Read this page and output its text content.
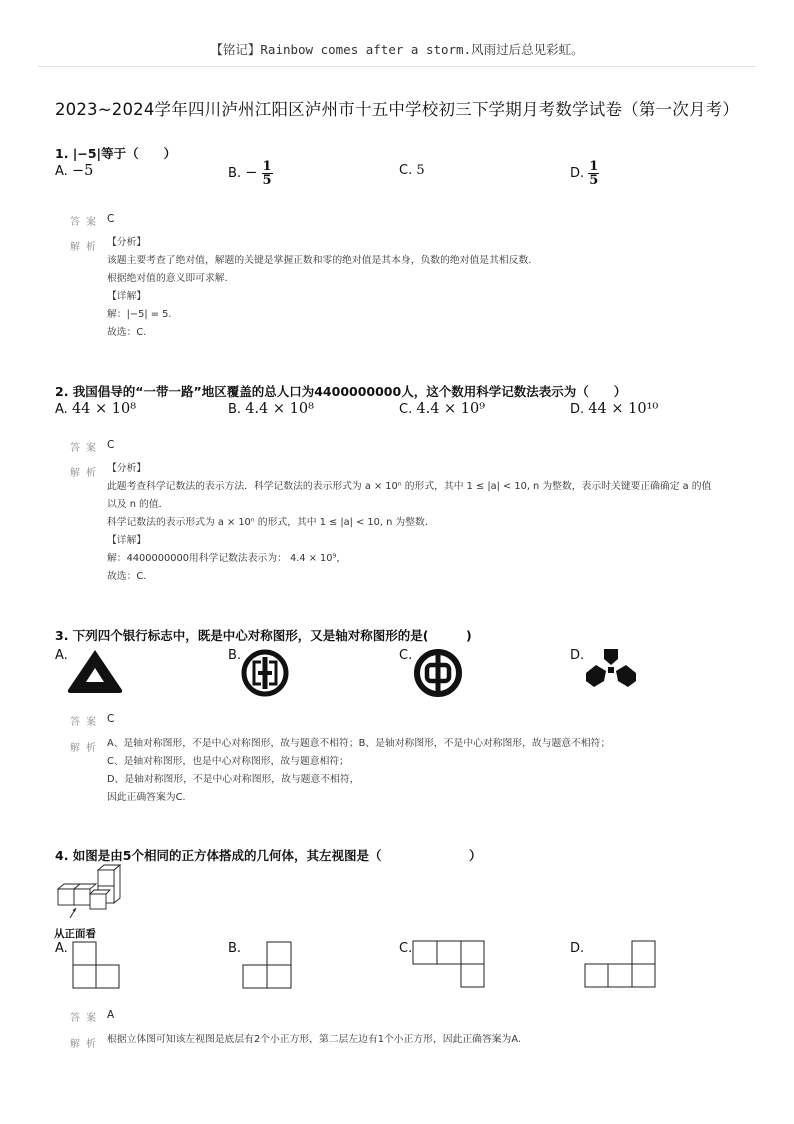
【铭记】Rainbow comes after a storm.风雨过后总见彩虹。
2023~2024学年四川泸州江阳区泸州市十五中学校初三下学期月考数学试卷（第一次月考）
1. |−5|等于（　　）
A. −5	B. − $\frac{1}{5}$	C. 5	D. $\frac{1}{5}$
答案 C
解析 【分析】
该题主要考查了绝对值，解题的关键是掌握正数和零的绝对值是其本身，负数的绝对值是其相反数.
根据绝对值的意义即可求解.
【详解】
解：|−5| = 5.
故选：C.
2. 我国倡导的“一带一路”地区覆盖的总人口为4400000000人，这个数用科学记数法表示为（　　）
A. 44 × 10⁸	B. 4.4 × 10⁸	C. 4.4 × 10⁹	D. 44 × 10¹⁰
答案 C
解析 【分析】
此题考查科学记数法的表示方法．科学记数法的表示形式为 a × 10ⁿ 的形式，其中 1 ≤ |a| < 10, n 为整数，表示时关键要正确确定 a 的值
以及 n 的值．
科学记数法的表示形式为 a × 10ⁿ 的形式，其中 1 ≤ |a| < 10, n 为整数．
【详解】
解：4400000000用科学记数法表示为： 4.4 × 10⁹，
故选：C.
3. 下列四个银行标志中，既是中心对称图形，又是轴对称图形的是(　　　)
A.	B.	C.	D.
答案 C
解析 A、是轴对称图形，不是中心对称图形，故与题意不相符；B、是轴对称图形，不是中心对称图形，故与题意不相符；
C、是轴对称图形，也是中心对称图形，故与题意相符；
D、是轴对称图形，不是中心对称图形，故与题意不相符，
因此正确答案为C.
4. 如图是由5个相同的正方体搭成的几何体，其左视图是（　　　　　　　）
从正面看
A.	B.	C.	D.
答案 A
解析 根据立体图可知该左视图是底层有2个小正方形，第二层左边有1个小正方形，因此正确答案为A.
